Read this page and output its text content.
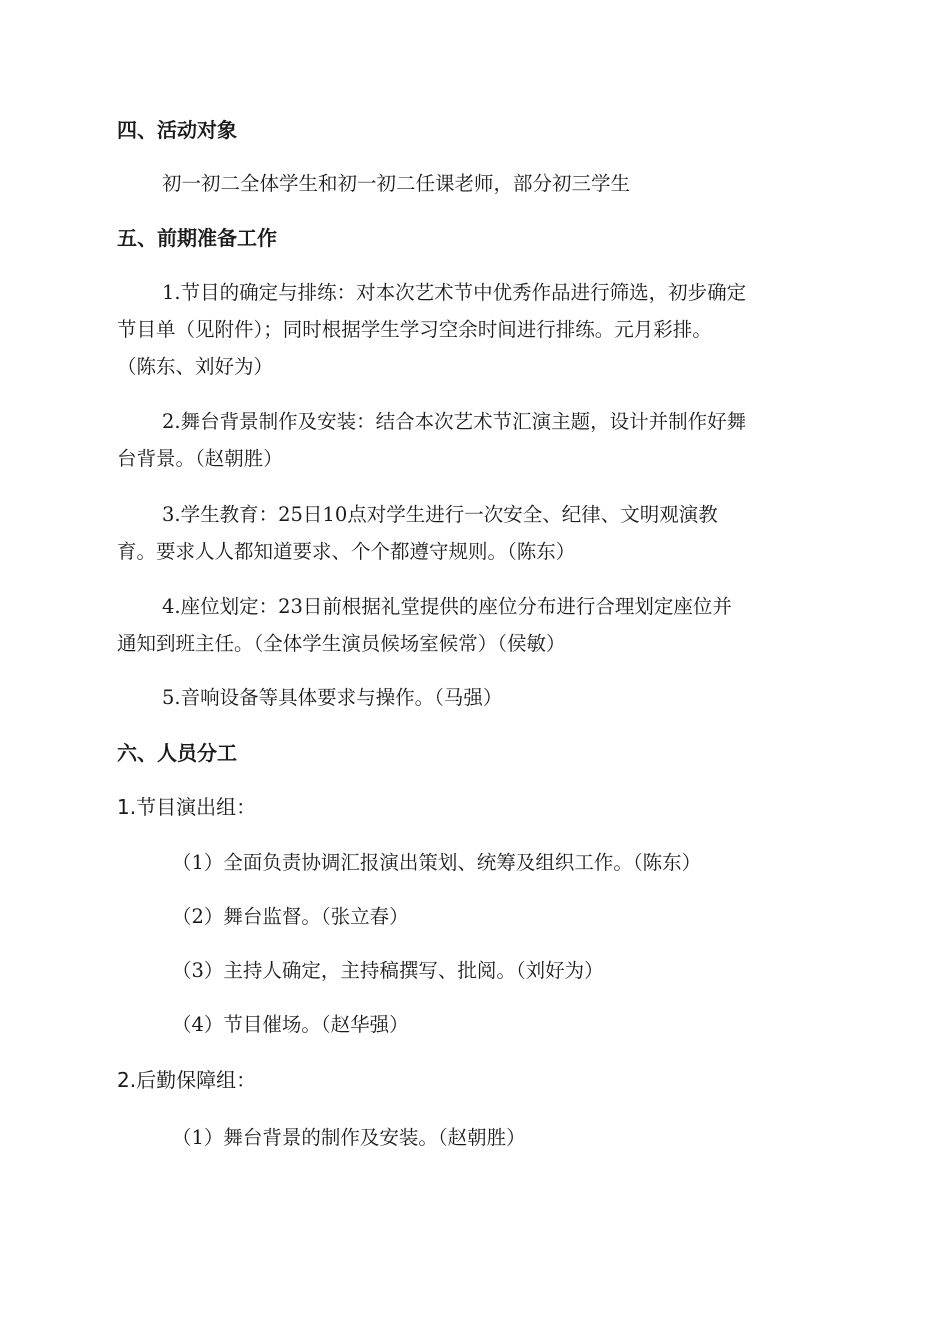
四、活动对象
初一初二全体学生和初一初二任课老师，部分初三学生
五、前期准备工作
1.节目的确定与排练：对本次艺术节中优秀作品进行筛选，初步确定
节目单（见附件）；同时根据学生学习空余时间进行排练。元月彩排。
（陈东、刘好为）
2.舞台背景制作及安装：结合本次艺术节汇演主题，设计并制作好舞
台背景。（赵朝胜）
3.学生教育：25日10点对学生进行一次安全、纪律、文明观演教
育。要求人人都知道要求、个个都遵守规则。（陈东）
4.座位划定：23日前根据礼堂提供的座位分布进行合理划定座位并
通知到班主任。（全体学生演员候场室候常）（侯敏）
5.音响设备等具体要求与操作。（马强）
六、人员分工
1.节目演出组：
（1）全面负责协调汇报演出策划、统筹及组织工作。（陈东）
（2）舞台监督。（张立春）
（3）主持人确定，主持稿撰写、批阅。（刘好为）
（4）节目催场。（赵华强）
2.后勤保障组：
（1）舞台背景的制作及安装。（赵朝胜）
